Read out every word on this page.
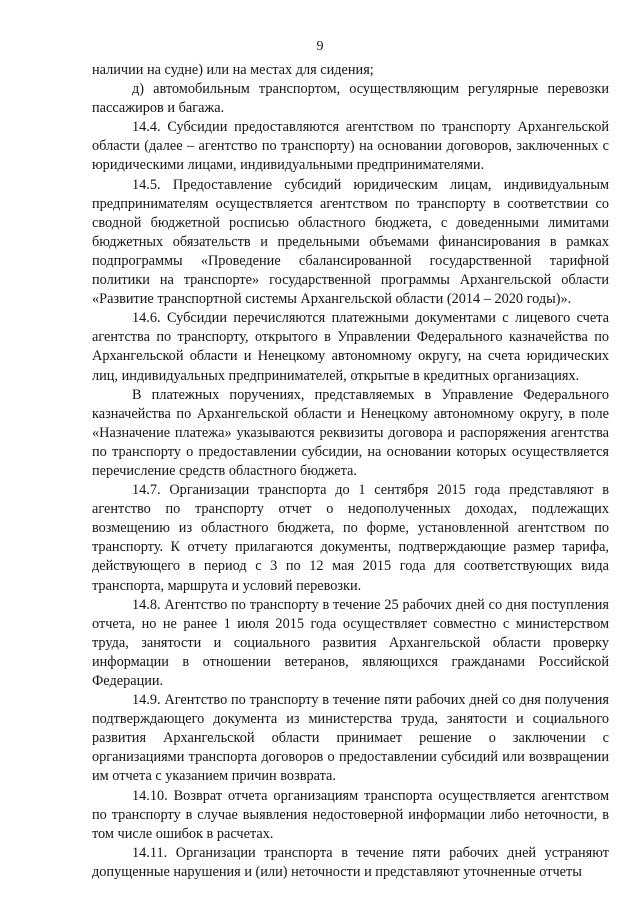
9

наличии на судне) или на местах для сидения;

д) автомобильным транспортом, осуществляющим регулярные перевозки пассажиров и багажа.

14.4. Субсидии предоставляются агентством по транспорту Архангельской области (далее – агентство по транспорту) на основании договоров, заключенных с юридическими лицами, индивидуальными предпринимателями.

14.5. Предоставление субсидий юридическим лицам, индивидуальным предпринимателям осуществляется агентством по транспорту в соответствии со сводной бюджетной росписью областного бюджета, с доведенными лимитами бюджетных обязательств и предельными объемами финансирования в рамках подпрограммы «Проведение сбалансированной государственной тарифной политики на транспорте» государственной программы Архангельской области «Развитие транспортной системы Архангельской области (2014 – 2020 годы)».

14.6. Субсидии перечисляются платежными документами с лицевого счета агентства по транспорту, открытого в Управлении Федерального казначейства по Архангельской области и Ненецкому автономному округу, на счета юридических лиц, индивидуальных предпринимателей, открытые в кредитных организациях.

В платежных поручениях, представляемых в Управление Федерального казначейства по Архангельской области и Ненецкому автономному округу, в поле «Назначение платежа» указываются реквизиты договора и распоряжения агентства по транспорту о предоставлении субсидии, на основании которых осуществляется перечисление средств областного бюджета.

14.7. Организации транспорта до 1 сентября 2015 года представляют в агентство по транспорту отчет о недополученных доходах, подлежащих возмещению из областного бюджета, по форме, установленной агентством по транспорту. К отчету прилагаются документы, подтверждающие размер тарифа, действующего в период с 3 по 12 мая 2015 года для соответствующих вида транспорта, маршрута и условий перевозки.

14.8. Агентство по транспорту в течение 25 рабочих дней со дня поступления отчета, но не ранее 1 июля 2015 года осуществляет совместно с министерством труда, занятости и социального развития Архангельской области проверку информации в отношении ветеранов, являющихся гражданами Российской Федерации.

14.9. Агентство по транспорту в течение пяти рабочих дней со дня получения подтверждающего документа из министерства труда, занятости и социального развития Архангельской области принимает решение о заключении с организациями транспорта договоров о предоставлении субсидий или возвращении им отчета с указанием причин возврата.

14.10. Возврат отчета организациям транспорта осуществляется агентством по транспорту в случае выявления недостоверной информации либо неточности, в том числе ошибок в расчетах.

14.11. Организации транспорта в течение пяти рабочих дней устраняют допущенные нарушения и (или) неточности и представляют уточненные отчеты
